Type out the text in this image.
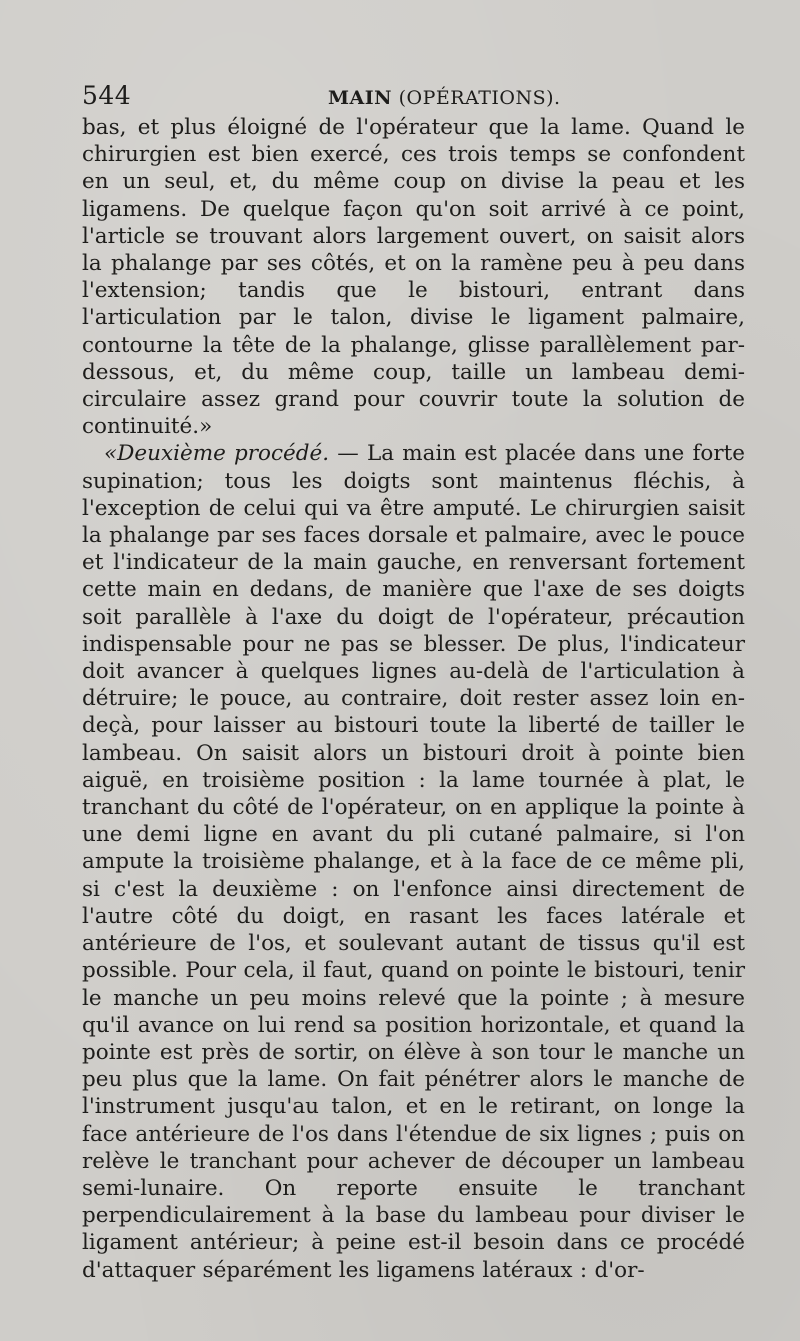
544	MAIN (OPÉRATIONS).

bas, et plus éloigné de l'opérateur que la lame. Quand le chirurgien est bien exercé, ces trois temps se confondent en un seul, et, du même coup on divise la peau et les ligamens. De quelque façon qu'on soit arrivé à ce point, l'article se trouvant alors largement ouvert, on saisit alors la phalange par ses côtés, et on la ramène peu à peu dans l'extension; tandis que le bistouri, entrant dans l'articulation par le talon, divise le ligament palmaire, contourne la tête de la phalange, glisse parallèlement par-dessous, et, du même coup, taille un lambeau demi-circulaire assez grand pour couvrir toute la solution de continuité.»

«Deuxième procédé. — La main est placée dans une forte supination; tous les doigts sont maintenus fléchis, à l'exception de celui qui va être amputé. Le chirurgien saisit la phalange par ses faces dorsale et palmaire, avec le pouce et l'indicateur de la main gauche, en renversant fortement cette main en dedans, de manière que l'axe de ses doigts soit parallèle à l'axe du doigt de l'opérateur, précaution indispensable pour ne pas se blesser. De plus, l'indicateur doit avancer à quelques lignes au-delà de l'articulation à détruire; le pouce, au contraire, doit rester assez loin en-deçà, pour laisser au bistouri toute la liberté de tailler le lambeau. On saisit alors un bistouri droit à pointe bien aiguë, en troisième position : la lame tournée à plat, le tranchant du côté de l'opérateur, on en applique la pointe à une demi ligne en avant du pli cutané palmaire, si l'on ampute la troisième phalange, et à la face de ce même pli, si c'est la deuxième : on l'enfonce ainsi directement de l'autre côté du doigt, en rasant les faces latérale et antérieure de l'os, et soulevant autant de tissus qu'il est possible. Pour cela, il faut, quand on pointe le bistouri, tenir le manche un peu moins relevé que la pointe ; à mesure qu'il avance on lui rend sa position horizontale, et quand la pointe est près de sortir, on élève à son tour le manche un peu plus que la lame. On fait pénétrer alors le manche de l'instrument jusqu'au talon, et en le retirant, on longe la face antérieure de l'os dans l'étendue de six lignes ; puis on relève le tranchant pour achever de découper un lambeau semi-lunaire. On reporte ensuite le tranchant perpendiculairement à la base du lambeau pour diviser le ligament antérieur; à peine est-il besoin dans ce procédé d'attaquer séparément les ligamens latéraux : d'or-
